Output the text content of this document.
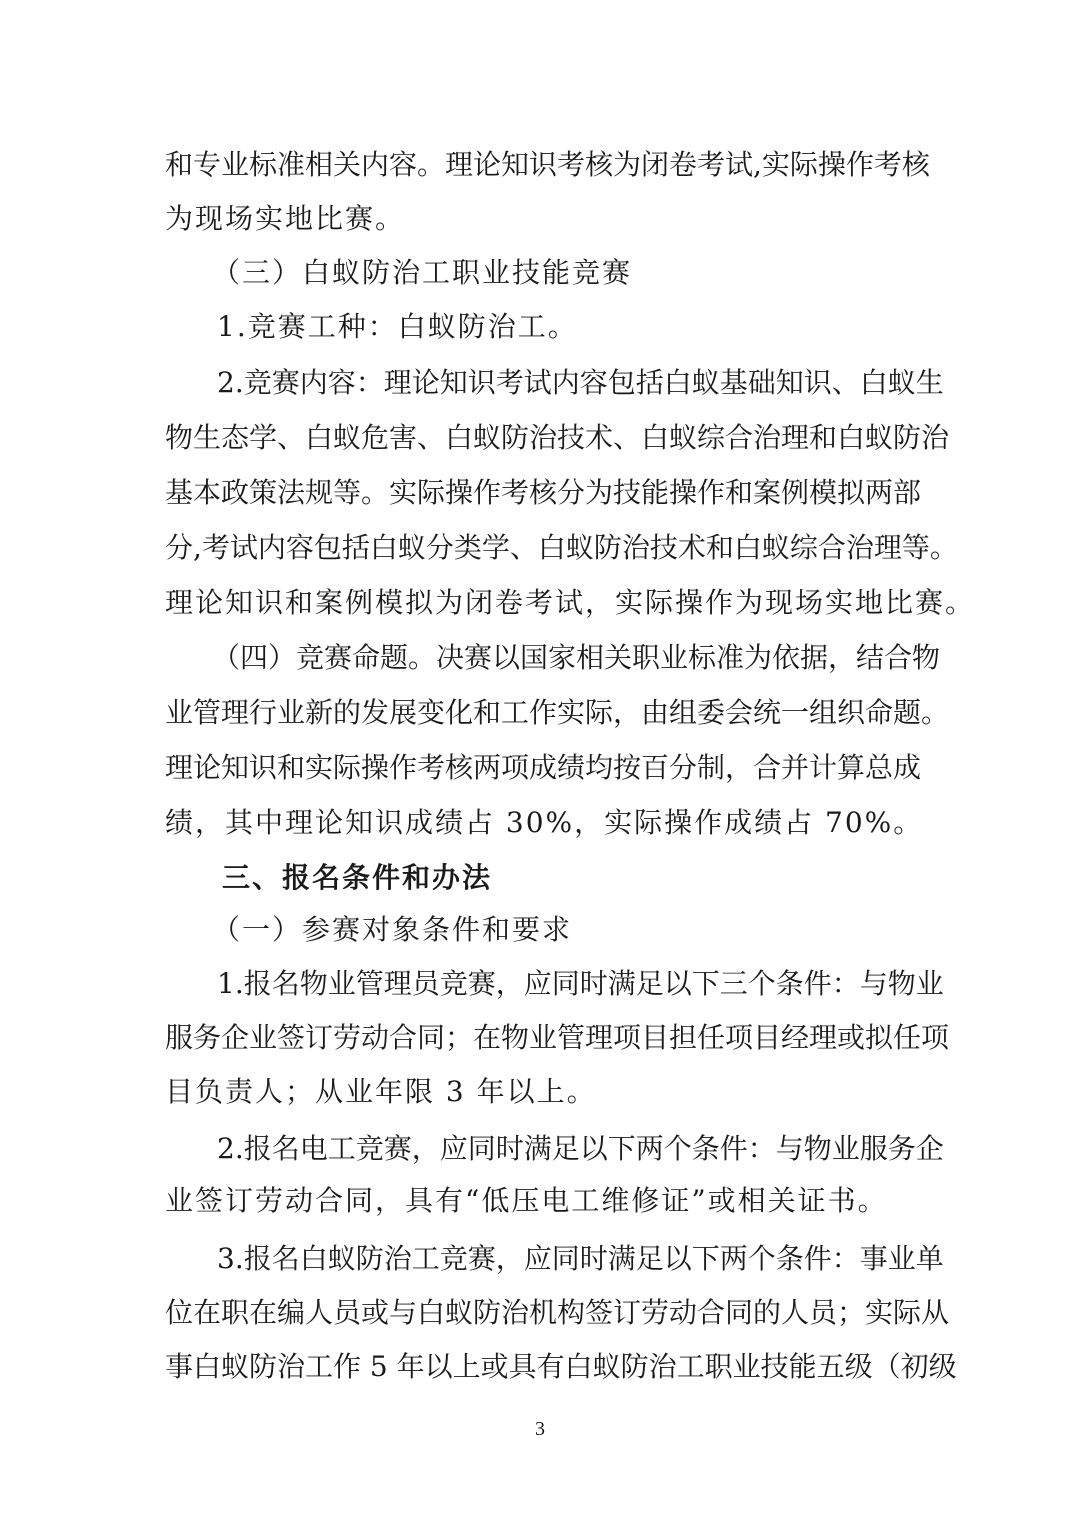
和专业标准相关内容。理论知识考核为闭卷考试,实际操作考核
为现场实地比赛。
（三）白蚁防治工职业技能竞赛
1.竞赛工种：白蚁防治工。
2.竞赛内容：理论知识考试内容包括白蚁基础知识、白蚁生
物生态学、白蚁危害、白蚁防治技术、白蚁综合治理和白蚁防治
基本政策法规等。实际操作考核分为技能操作和案例模拟两部
分,考试内容包括白蚁分类学、白蚁防治技术和白蚁综合治理等。
理论知识和案例模拟为闭卷考试，实际操作为现场实地比赛。
（四）竞赛命题。决赛以国家相关职业标准为依据，结合物
业管理行业新的发展变化和工作实际，由组委会统一组织命题。
理论知识和实际操作考核两项成绩均按百分制，合并计算总成
绩，其中理论知识成绩占 30%，实际操作成绩占 70%。
三、报名条件和办法
（一）参赛对象条件和要求
1.报名物业管理员竞赛，应同时满足以下三个条件：与物业
服务企业签订劳动合同；在物业管理项目担任项目经理或拟任项
目负责人；从业年限 3 年以上。
2.报名电工竞赛，应同时满足以下两个条件：与物业服务企
业签订劳动合同，具有“低压电工维修证”或相关证书。
3.报名白蚁防治工竞赛，应同时满足以下两个条件：事业单
位在职在编人员或与白蚁防治机构签订劳动合同的人员；实际从
事白蚁防治工作 5 年以上或具有白蚁防治工职业技能五级（初级
3
